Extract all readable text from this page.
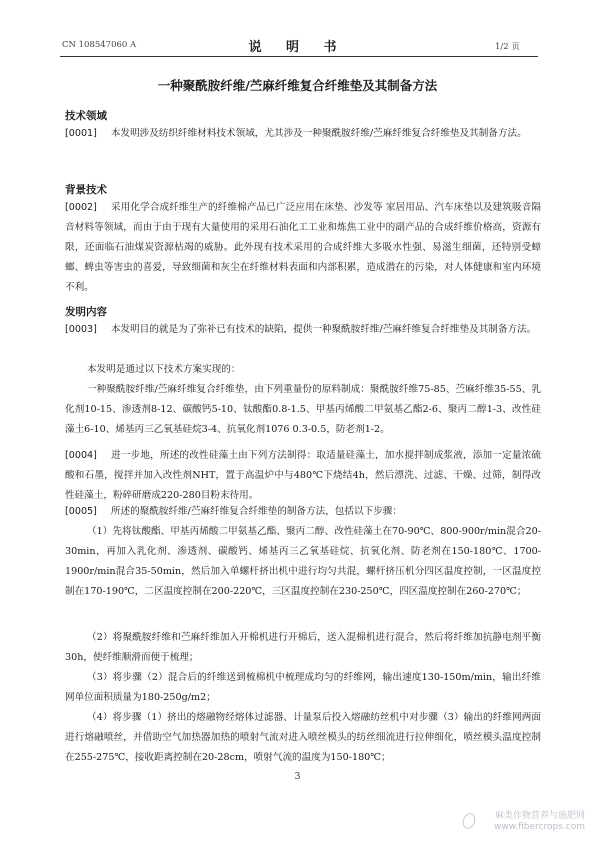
CN 108547060 A	说 明 书	1/2 页
一种聚酰胺纤维/苎麻纤维复合纤维垫及其制备方法
技术领域
[0001] 本发明涉及纺织纤维材料技术领域，尤其涉及一种聚酰胺纤维/苎麻纤维复合纤维垫及其制备方法。
背景技术
[0002] 采用化学合成纤维生产的纤维棉产品已广泛应用在床垫、沙发等 家居用品、汽车床垫以及建筑吸音隔音材料等领域，而由于由于现有大量使用的采用石油化工工业和炼焦工业中的副产品的合成纤维价格高，资源有限，还面临石油煤炭资源枯竭的威胁。此外现有技术采用的合成纤维大多吸水性强、易滋生细菌，还特别受蟑螂、蜱虫等害虫的喜爱，导致细菌和灰尘在纤维材料表面和内部积累，造成潜在的污染，对人体健康和室内环境不利。
发明内容
[0003] 本发明目的就是为了弥补已有技术的缺陷，提供一种聚酰胺纤维/苎麻纤维复合纤维垫及其制备方法。
本发明是通过以下技术方案实现的：
一种聚酰胺纤维/苎麻纤维复合纤维垫，由下列重量份的原料制成：聚酰胺纤维75-85、苎麻纤维35-55、乳化剂10-15、渗透剂8-12、碳酸钙5-10、钛酸酯0.8-1.5、甲基丙烯酸二甲氨基乙酯2-6、聚丙二醇1-3、改性硅藻土6-10、烯基丙三乙氧基硅烷3-4、抗氧化剂1076 0.3-0.5，防老剂1-2。
[0004] 进一步地，所述的改性硅藻土由下列方法制得：取适量硅藻土，加水搅拌制成浆液，添加一定量浓硫酸和石墨，搅拌并加入改性剂NHT，置于高温炉中与480℃下烧结4h，然后漂洗、过滤、干燥、过筛，制得改性硅藻土，粉碎研磨成220-280目粉末待用。
[0005] 所述的聚酰胺纤维/苎麻纤维复合纤维垫的制备方法，包括以下步骤：
（1）先将钛酸酯、甲基丙烯酸二甲氨基乙酯、聚丙二醇、改性硅藻土在70-90℃、800-900r/min混合20-30min，再加入乳化剂、渗透剂、碳酸钙、烯基丙三乙氧基硅烷、抗氧化剂、防老剂在150-180℃、1700-1900r/min混合35-50min，然后加入单螺杆挤出机中进行均匀共混，螺杆挤压机分四区温度控制，一区温度控制在170-190℃，二区温度控制在200-220℃，三区温度控制在230-250℃，四区温度控制在260-270℃；
（2）将聚酰胺纤维和苎麻纤维加入开棉机进行开棉后，送入混棉机进行混合，然后将纤维加抗静电剂平衡30h，使纤维顺滑而便于梳理；
（3）将步骤（2）混合后的纤维送到梳棉机中梳理成均匀的纤维网，输出速度130-150m/min，输出纤维网单位面积质量为180-250g/m2；
（4）将步骤（1）挤出的熔融物经熔体过滤器、计量泵后投入熔融纺丝机中对步骤（3）输出的纤维网两面进行熔融喷丝，并借助空气加热器加热的喷射气流对进入喷丝模头的纺丝细流进行拉伸细化，喷丝模头温度控制在255-275℃，接收距离控制在20-28cm，喷射气流的温度为150-180℃；
3
麻类作物营养与施肥网
www.fibercrops.com
